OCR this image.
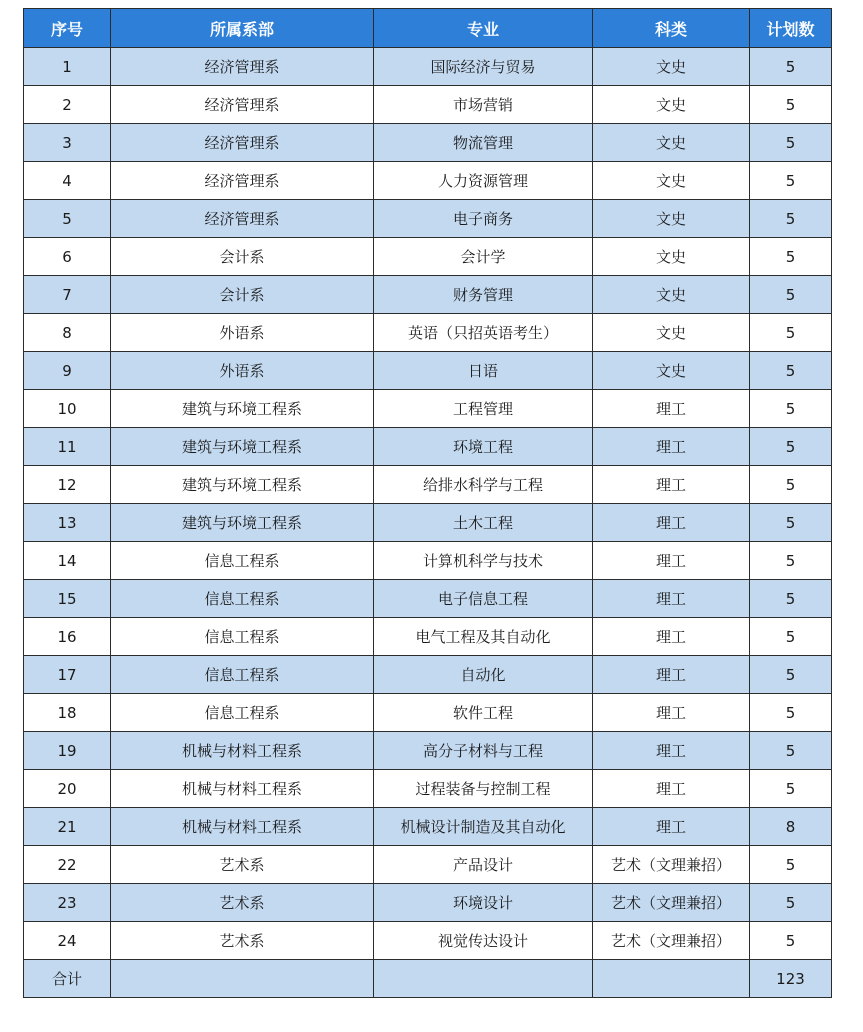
序号	所属系部	专业	科类	计划数
1	经济管理系	国际经济与贸易	文史	5
2	经济管理系	市场营销	文史	5
3	经济管理系	物流管理	文史	5
4	经济管理系	人力资源管理	文史	5
5	经济管理系	电子商务	文史	5
6	会计系	会计学	文史	5
7	会计系	财务管理	文史	5
8	外语系	英语（只招英语考生）	文史	5
9	外语系	日语	文史	5
10	建筑与环境工程系	工程管理	理工	5
11	建筑与环境工程系	环境工程	理工	5
12	建筑与环境工程系	给排水科学与工程	理工	5
13	建筑与环境工程系	土木工程	理工	5
14	信息工程系	计算机科学与技术	理工	5
15	信息工程系	电子信息工程	理工	5
16	信息工程系	电气工程及其自动化	理工	5
17	信息工程系	自动化	理工	5
18	信息工程系	软件工程	理工	5
19	机械与材料工程系	高分子材料与工程	理工	5
20	机械与材料工程系	过程装备与控制工程	理工	5
21	机械与材料工程系	机械设计制造及其自动化	理工	8
22	艺术系	产品设计	艺术（文理兼招）	5
23	艺术系	环境设计	艺术（文理兼招）	5
24	艺术系	视觉传达设计	艺术（文理兼招）	5
合计				123
